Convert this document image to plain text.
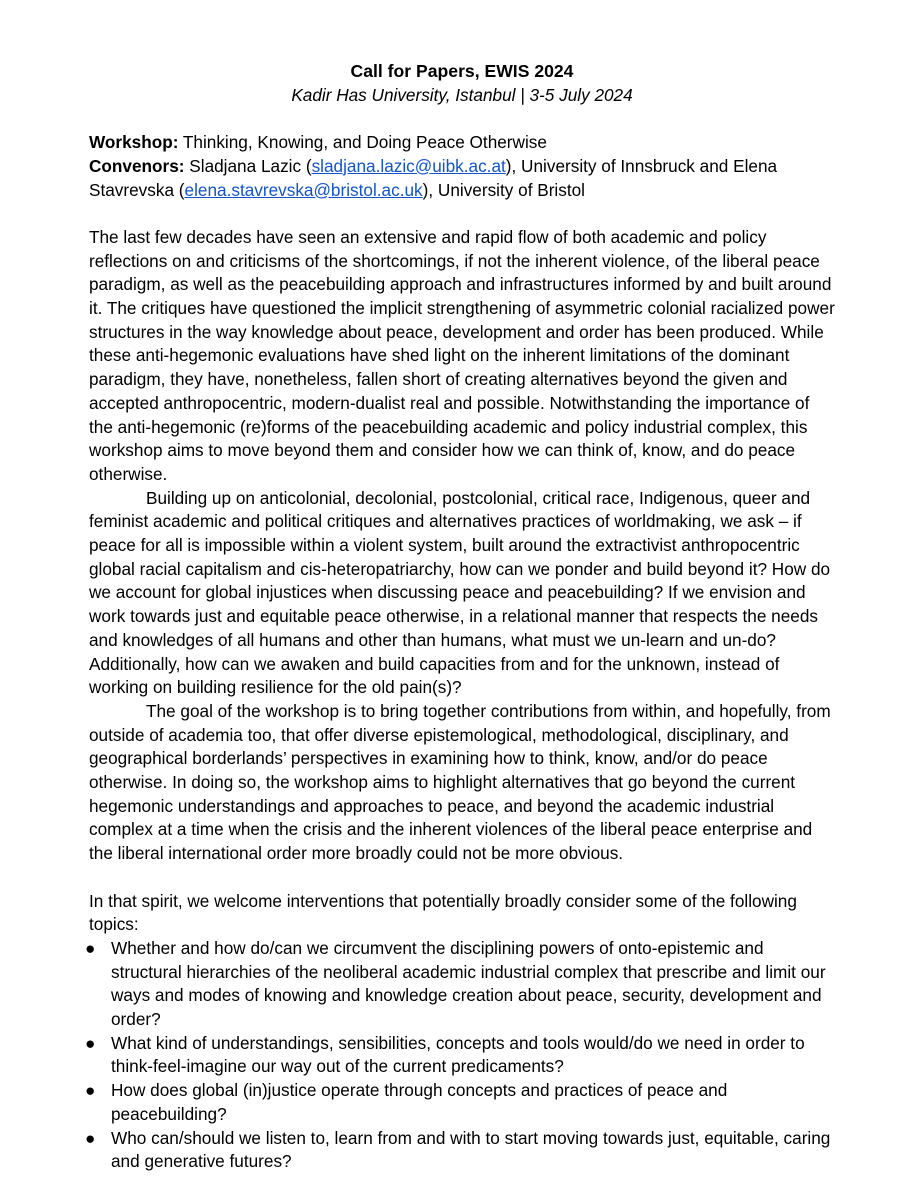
Call for Papers, EWIS 2024
Kadir Has University, Istanbul | 3-5 July 2024
Workshop: Thinking, Knowing, and Doing Peace Otherwise
Convenors: Sladjana Lazic (sladjana.lazic@uibk.ac.at), University of Innsbruck and Elena Stavrevska (elena.stavrevska@bristol.ac.uk), University of Bristol

The last few decades have seen an extensive and rapid flow of both academic and policy reflections on and criticisms of the shortcomings, if not the inherent violence, of the liberal peace paradigm, as well as the peacebuilding approach and infrastructures informed by and built around it. The critiques have questioned the implicit strengthening of asymmetric colonial racialized power structures in the way knowledge about peace, development and order has been produced. While these anti-hegemonic evaluations have shed light on the inherent limitations of the dominant paradigm, they have, nonetheless, fallen short of creating alternatives beyond the given and accepted anthropocentric, modern-dualist real and possible. Notwithstanding the importance of the anti-hegemonic (re)forms of the peacebuilding academic and policy industrial complex, this workshop aims to move beyond them and consider how we can think of, know, and do peace otherwise.

Building up on anticolonial, decolonial, postcolonial, critical race, Indigenous, queer and feminist academic and political critiques and alternatives practices of worldmaking, we ask – if peace for all is impossible within a violent system, built around the extractivist anthropocentric global racial capitalism and cis-heteropatriarchy, how can we ponder and build beyond it? How do we account for global injustices when discussing peace and peacebuilding? If we envision and work towards just and equitable peace otherwise, in a relational manner that respects the needs and knowledges of all humans and other than humans, what must we un-learn and un-do? Additionally, how can we awaken and build capacities from and for the unknown, instead of working on building resilience for the old pain(s)?

The goal of the workshop is to bring together contributions from within, and hopefully, from outside of academia too, that offer diverse epistemological, methodological, disciplinary, and geographical borderlands’ perspectives in examining how to think, know, and/or do peace otherwise. In doing so, the workshop aims to highlight alternatives that go beyond the current hegemonic understandings and approaches to peace, and beyond the academic industrial complex at a time when the crisis and the inherent violences of the liberal peace enterprise and the liberal international order more broadly could not be more obvious.

In that spirit, we welcome interventions that potentially broadly consider some of the following topics:

● Whether and how do/can we circumvent the disciplining powers of onto-epistemic and structural hierarchies of the neoliberal academic industrial complex that prescribe and limit our ways and modes of knowing and knowledge creation about peace, security, development and order?
● What kind of understandings, sensibilities, concepts and tools would/do we need in order to think-feel-imagine our way out of the current predicaments?
● How does global (in)justice operate through concepts and practices of peace and peacebuilding?
● Who can/should we listen to, learn from and with to start moving towards just, equitable, caring and generative futures?
